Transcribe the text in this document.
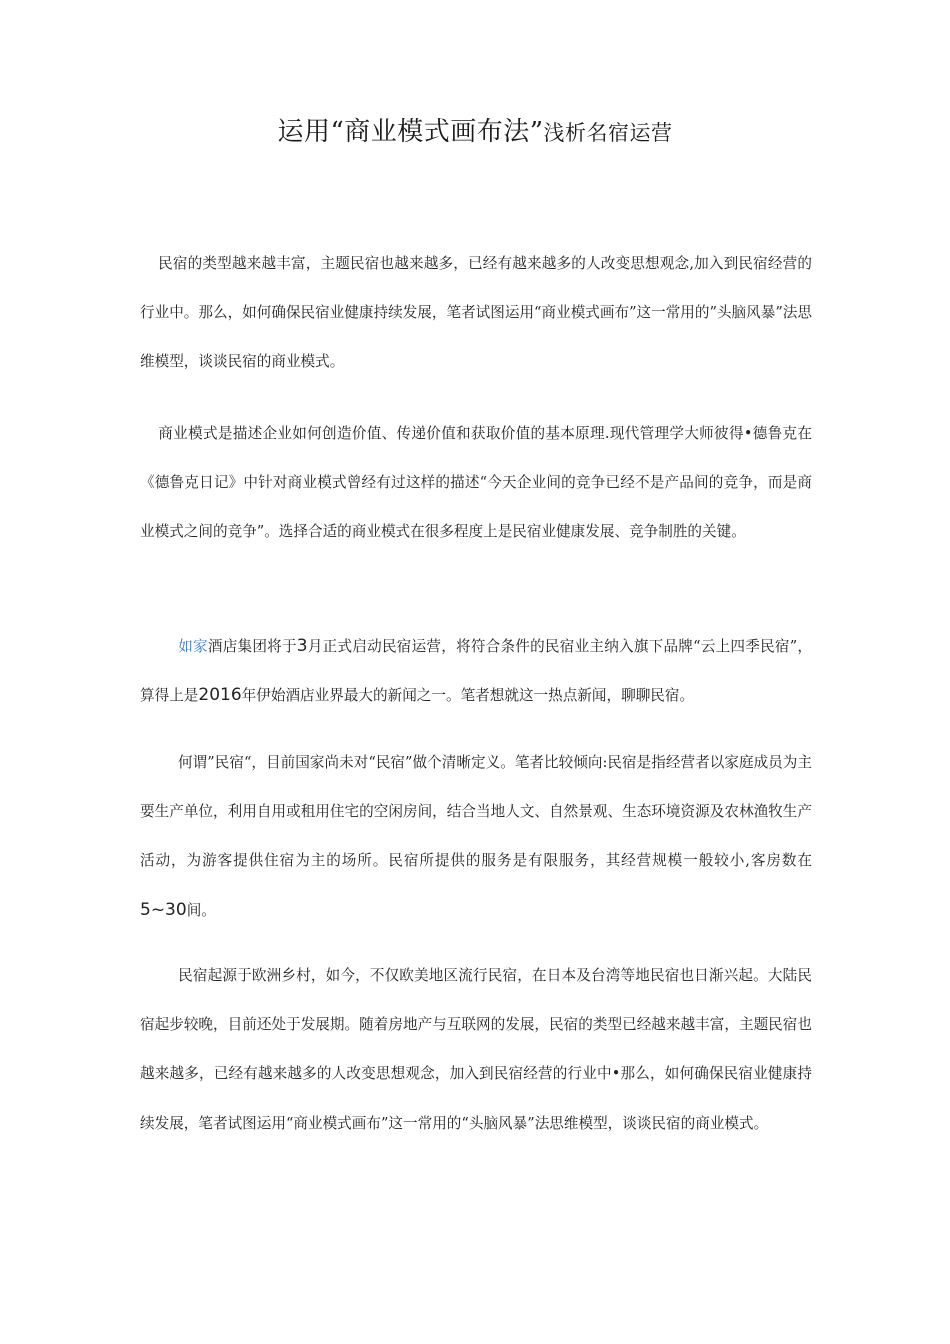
运用“商业模式画布法”浅析名宿运营

民宿的类型越来越丰富，主题民宿也越来越多，已经有越来越多的人改变思想观念,加入到民宿经营的行业中。那么，如何确保民宿业健康持续发展，笔者试图运用“商业模式画布”这一常用的”头脑风暴”法思维模型，谈谈民宿的商业模式。

商业模式是描述企业如何创造价值、传递价值和获取价值的基本原理.现代管理学大师彼得•德鲁克在《德鲁克日记》中针对商业模式曾经有过这样的描述“今天企业间的竞争已经不是产品间的竞争，而是商业模式之间的竞争”。选择合适的商业模式在很多程度上是民宿业健康发展、竞争制胜的关键。

如家酒店集团将于3月正式启动民宿运营，将符合条件的民宿业主纳入旗下品牌“云上四季民宿”，算得上是2016年伊始酒店业界最大的新闻之一。笔者想就这一热点新闻，聊聊民宿。

何谓”民宿“，目前国家尚未对“民宿”做个清晰定义。笔者比较倾向:民宿是指经营者以家庭成员为主要生产单位，利用自用或租用住宅的空闲房间，结合当地人文、自然景观、生态环境资源及农林渔牧生产活动，为游客提供住宿为主的场所。民宿所提供的服务是有限服务，其经营规模一般较小,客房数在5~30间。

民宿起源于欧洲乡村，如今，不仅欧美地区流行民宿，在日本及台湾等地民宿也日渐兴起。大陆民宿起步较晚，目前还处于发展期。随着房地产与互联网的发展，民宿的类型已经越来越丰富，主题民宿也越来越多，已经有越来越多的人改变思想观念，加入到民宿经营的行业中•那么，如何确保民宿业健康持续发展，笔者试图运用“商业模式画布”这一常用的“头脑风暴”法思维模型，谈谈民宿的商业模式。
